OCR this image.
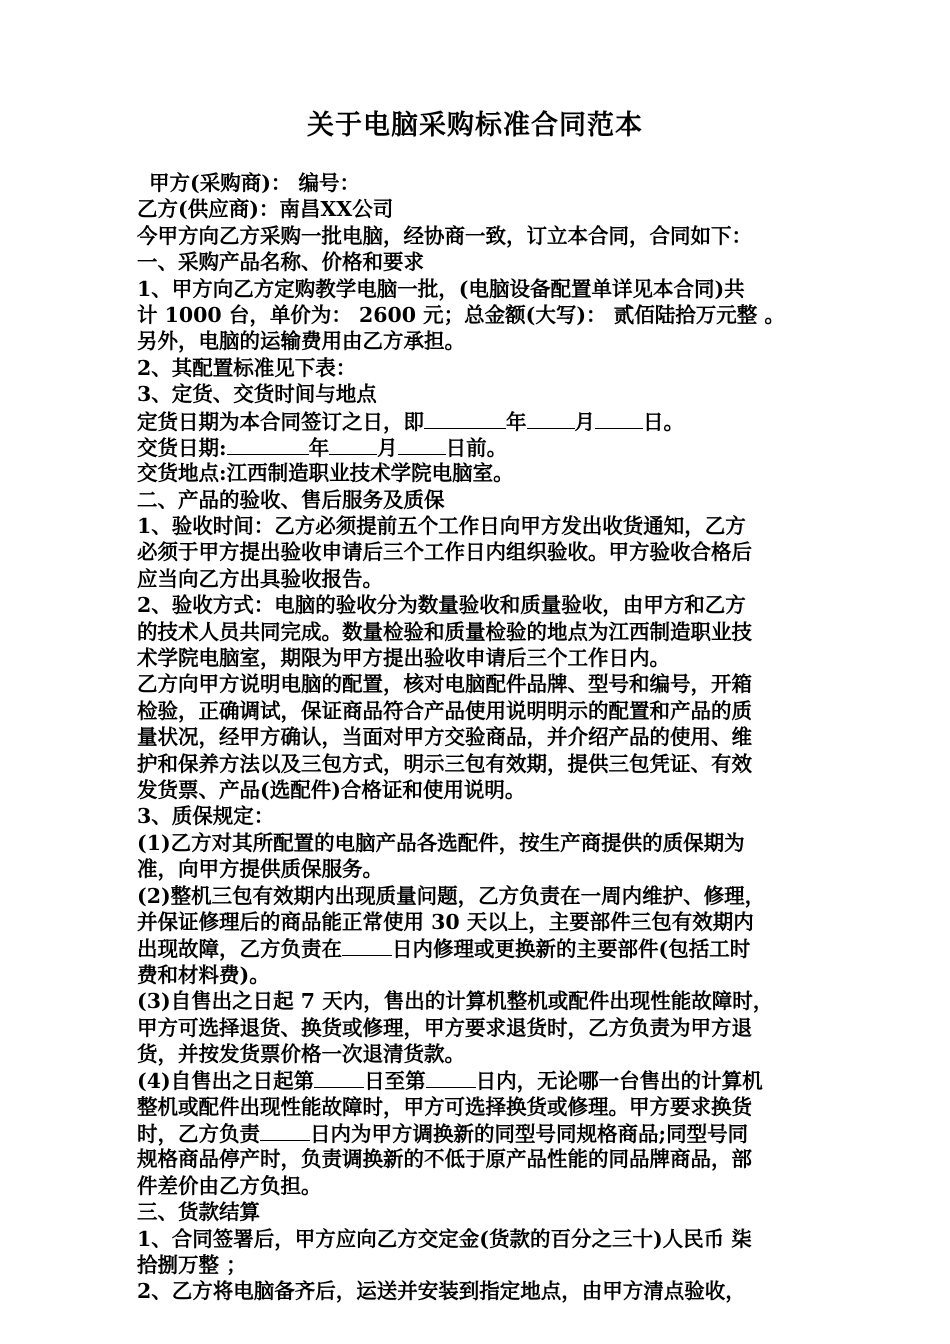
关于电脑采购标准合同范本
甲方(采购商)： 编号：
乙方(供应商)：南昌XX公司
今甲方向乙方采购一批电脑，经协商一致，订立本合同，合同如下：
一、采购产品名称、价格和要求
1、甲方向乙方定购教学电脑一批，(电脑设备配置单详见本合同)共
计 1000 台，单价为： 2600 元；总金额(大写)： 贰佰陆拾万元整 。
另外，电脑的运输费用由乙方承担。
2、其配置标准见下表：
3、定货、交货时间与地点
定货日期为本合同签订之日，即	年 月 日。
交货日期:	年 月 日前。
交货地点:江西制造职业技术学院电脑室。
二、产品的验收、售后服务及质保
1、验收时间：乙方必须提前五个工作日向甲方发出收货通知，乙方
必须于甲方提出验收申请后三个工作日内组织验收。甲方验收合格后
应当向乙方出具验收报告。
2、验收方式：电脑的验收分为数量验收和质量验收，由甲方和乙方
的技术人员共同完成。数量检验和质量检验的地点为江西制造职业技
术学院电脑室，期限为甲方提出验收申请后三个工作日内。
乙方向甲方说明电脑的配置，核对电脑配件品牌、型号和编号，开箱
检验，正确调试，保证商品符合产品使用说明明示的配置和产品的质
量状况，经甲方确认，当面对甲方交验商品，并介绍产品的使用、维
护和保养方法以及三包方式，明示三包有效期，提供三包凭证、有效
发货票、产品(选配件)合格证和使用说明。
3、质保规定：
(1)乙方对其所配置的电脑产品各选配件，按生产商提供的质保期为
准，向甲方提供质保服务。
(2)整机三包有效期内出现质量问题，乙方负责在一周内维护、修理，
并保证修理后的商品能正常使用 30 天以上，主要部件三包有效期内
出现故障，乙方负责在 日内修理或更换新的主要部件(包括工时
费和材料费)。
(3)自售出之日起 7 天内，售出的计算机整机或配件出现性能故障时，
甲方可选择退货、换货或修理，甲方要求退货时，乙方负责为甲方退
货，并按发货票价格一次退清货款。
(4)自售出之日起第 日至第 日内，无论哪一台售出的计算机
整机或配件出现性能故障时，甲方可选择换货或修理。甲方要求换货
时，乙方负责 日内为甲方调换新的同型号同规格商品;同型号同
规格商品停产时，负责调换新的不低于原产品性能的同品牌商品，部
件差价由乙方负担。
三、货款结算
1、合同签署后，甲方应向乙方交定金(货款的百分之三十)人民币 柒
拾捌万整 ；
2、乙方将电脑备齐后，运送并安装到指定地点，由甲方清点验收，
